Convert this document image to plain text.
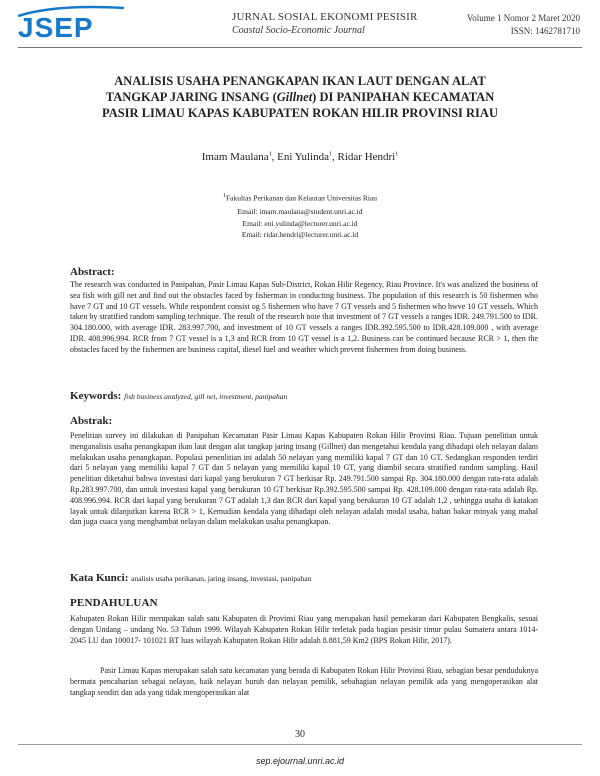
JSEP	JURNAL SOSIAL EKONOMI PESISIR
Coastal Socio-Economic Journal
Volume 1 Nomor 2 Maret 2020
ISSN: 1462781710
ANALISIS USAHA PENANGKAPAN IKAN LAUT DENGAN ALAT
TANGKAP JARING INSANG (Gillnet) DI PANIPAHAN KECAMATAN
PASIR LIMAU KAPAS KABUPATEN ROKAN HILIR PROVINSI RIAU
Imam Maulana$^1$, Eni Yulinda$^1$, Ridar Hendri$^1$
$^1$Fakultas Perikanan dan Kelautan Universitas Riau
Email: imam.maulana@student.unri.ac.id
Email: eni.yulinda@lecturer.unri.ac.id
Email: ridar.hendri@lecturer.unri.ac.id
Abstract:
The research was conducted in Panipahan, Pasir Limau Kapas Sub-District, Rokan Hilir Regency, Riau Province. It's was analized the business of sea fish with gill net and find out the obstacles faced by fisherman in conducting business. The population of this research is 50 fishermen who have 7 GT and 10 GT vessels. While respondent consist og 5 fishermen who have 7 GT vessels and 5 fishermen who hwve 10 GT vessels. Which taken by stratified random sampling technique. The result of the research note that investment of 7 GT vessels a ranges IDR. 249.791.500 to IDR. 304.180.000, with average IDR. 283.997.700, and investment of 10 GT vessels a ranges IDR.392.595.500 to IDR.428.109.000 , with average IDR. 408.996.994. RCR from 7 GT vessel is a 1,3 and RCR from 10 GT vessel is a 1,2. Business can be continued because RCR > 1, then the obstacles faced by the fishermen are business capital, diesel fuel and weather which prevent fishermen from doing business.
Keywords: fish business analyzed, gill net, investment, panipahan
Abstrak:
Penelitian survey ini dilakukan di Panipahan Kecamatan Pasir Limau Kapas Kabupaten Rokan Hilir Provinsi Riau. Tujuan penelitian untuk menganalisis usaha penangkapan ikan laut dengan alat tangkap jaring insang (Gillnet) dan mengetahui kendala yang dihadapi oleh nelayan dalam melakukan usaha penangkapan. Populasi penenlitian ini adalah 50 nelayan yang memiliki kapal 7 GT dan 10 GT. Sedangkan responden terdiri dari 5 nelayan yang memiliki kapal 7 GT dan 5 nelayan yang memiliki kapal 10 GT, yang diambil secara stratified random sampling. Hasil penelitian diketahui bahwa investasi dari kapal yang berukuran 7 GT berkisar Rp. 249.791.500 sampai Rp. 304.180.000 dengan rata-rata adalah Rp.283.997.700, dan untuk investasi kapal yang berukuran 10 GT berkisar Rp.392.595.500 sampai Rp. 428.109.000 dengan rata-rata adalah Rp. 408.996.994. RCR dari kapal yang berukuran 7 GT adalah 1,3 dan RCR dari kapal yang berukuran 10 GT adalah 1,2 , sehingga usaha di katakan layak untuk dilanjutkan karena RCR > 1, Kemudian kendala yang dihadapi oleh nelayan adalah modal usaha, bahan bakar minyak yang mahal dan juga cuaca yang menghambat nelayan dalam melakukan usaha penangkapan.
Kata Kunci: analisis usaha perikanan, jaring insang, investasi, panipahan
PENDAHULUAN
Kabupaten Rokan Hilir merupakan salah satu Kabupaten di Provinsi Riau yang merupakan hasil pemekaran dari Kabupaten Bengkalis, sesuai dengan Undang – undang No. 53 Tahun 1999. Wilayah Kabupaten Rokan Hilir terletak pada bagian pesisir timur pulau Sumatera antara 1014-2045 LU dan 100017- 101021 BT luas wilayah Kabupaten Rokan Hilir adalah 8.881,59 Km2 (BPS Rokan Hilir, 2017).
Pasir Limau Kapas merupakan salah satu kecamatan yang berada di Kabupaten Rokan Hilir Provinsi Riau, sebagian besar penduduknya bermata pencaharian sebagai nelayan, baik nelayan buruh dan nelayan pemilik, sebahagian nelayan pemilik ada yang mengoperasikan alat tangkap sendiri dan ada yang tidak mengoperasikan alat
30
sep.ejournal.unri.ac.id
